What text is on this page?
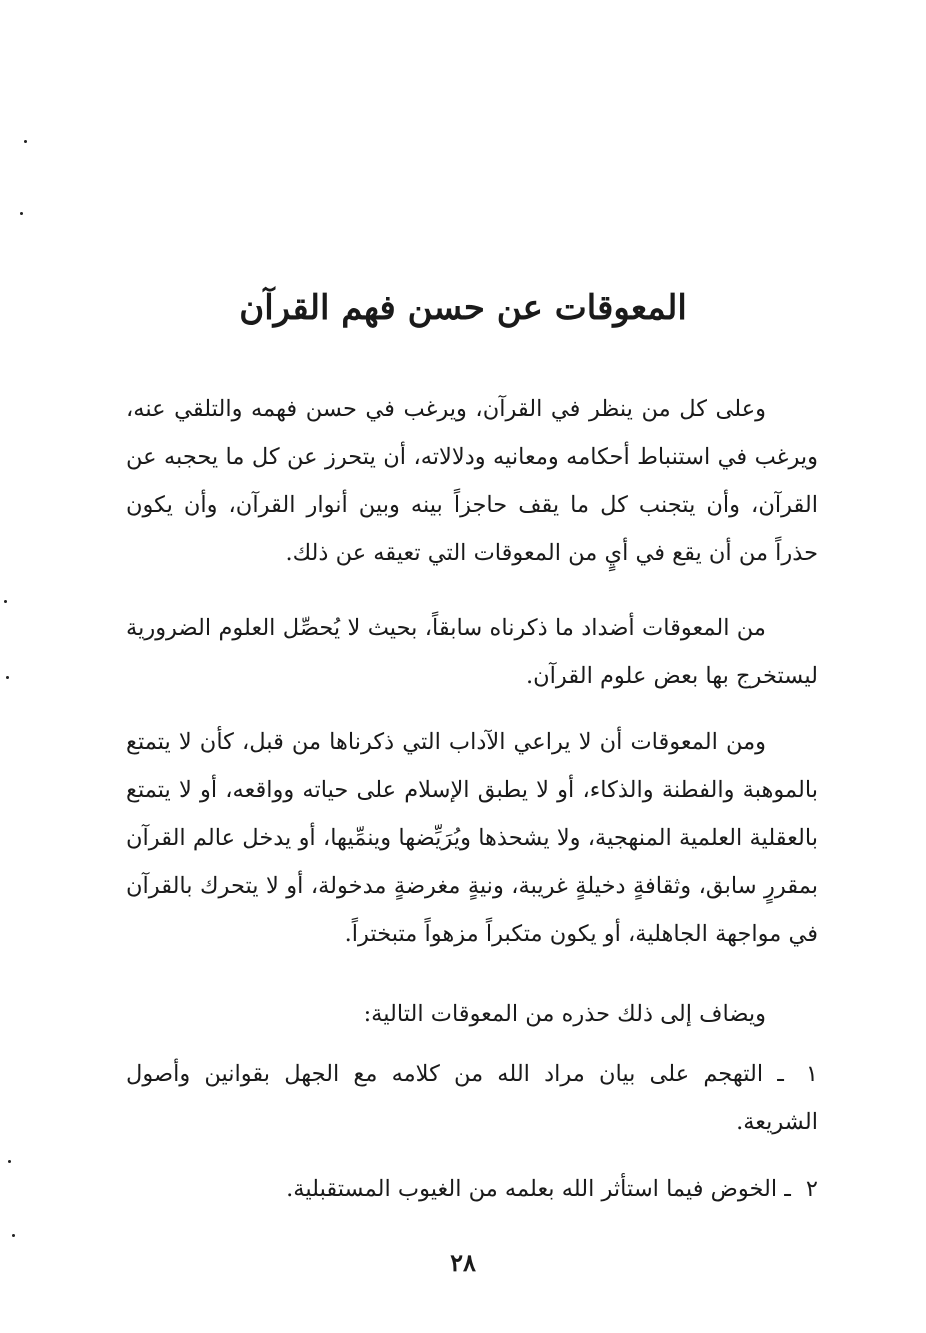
المعوقات عن حسن فهم القرآن

وعلى كل من ينظر في القرآن، ويرغب في حسن فهمه والتلقي عنه، ويرغب في استنباط أحكامه ومعانيه ودلالاته، أن يتحرز عن كل ما يحجبه عن القرآن، وأن يتجنب كل ما يقف حاجزاً بينه وبين أنوار القرآن، وأن يكون حذراً من أن يقع في أيٍ من المعوقات التي تعيقه عن ذلك.

من المعوقات أضداد ما ذكرناه سابقاً، بحيث لا يُحصِّل العلوم الضرورية ليستخرج بها بعض علوم القرآن.

ومن المعوقات أن لا يراعي الآداب التي ذكرناها من قبل، كأن لا يتمتع بالموهبة والفطنة والذكاء، أو لا يطبق الإسلام على حياته وواقعه، أو لا يتمتع بالعقلية العلمية المنهجية، ولا يشحذها ويُرَيِّضها وينمِّيها، أو يدخل عالم القرآن بمقررٍ سابق، وثقافةٍ دخيلةٍ غريبة، ونيةٍ مغرضةٍ مدخولة، أو لا يتحرك بالقرآن في مواجهة الجاهلية، أو يكون متكبراً مزهواً متبختراً.

ويضاف إلى ذلك حذره من المعوقات التالية:

١ ـ التهجم على بيان مراد الله من كلامه مع الجهل بقوانين وأصول الشريعة.

٢ ـ الخوض فيما استأثر الله بعلمه من الغيوب المستقبلية.

٢٨
